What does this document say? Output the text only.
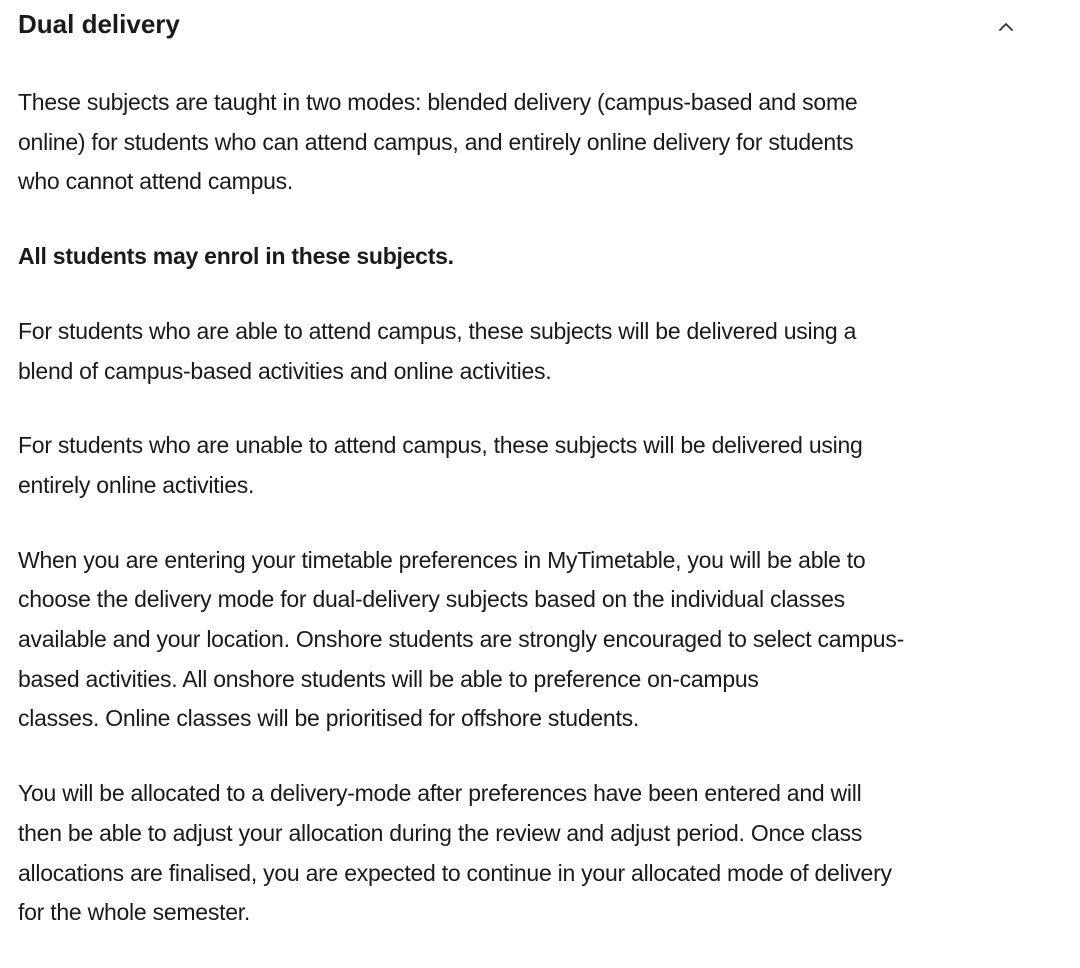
Dual delivery

These subjects are taught in two modes: blended delivery (campus-based and some
online) for students who can attend campus, and entirely online delivery for students
who cannot attend campus.

All students may enrol in these subjects.

For students who are able to attend campus, these subjects will be delivered using a
blend of campus-based activities and online activities.

For students who are unable to attend campus, these subjects will be delivered using
entirely online activities.

When you are entering your timetable preferences in MyTimetable, you will be able to
choose the delivery mode for dual-delivery subjects based on the individual classes
available and your location. Onshore students are strongly encouraged to select campus-
based activities. All onshore students will be able to preference on-campus
classes. Online classes will be prioritised for offshore students.

You will be allocated to a delivery-mode after preferences have been entered and will
then be able to adjust your allocation during the review and adjust period. Once class
allocations are finalised, you are expected to continue in your allocated mode of delivery
for the whole semester.
